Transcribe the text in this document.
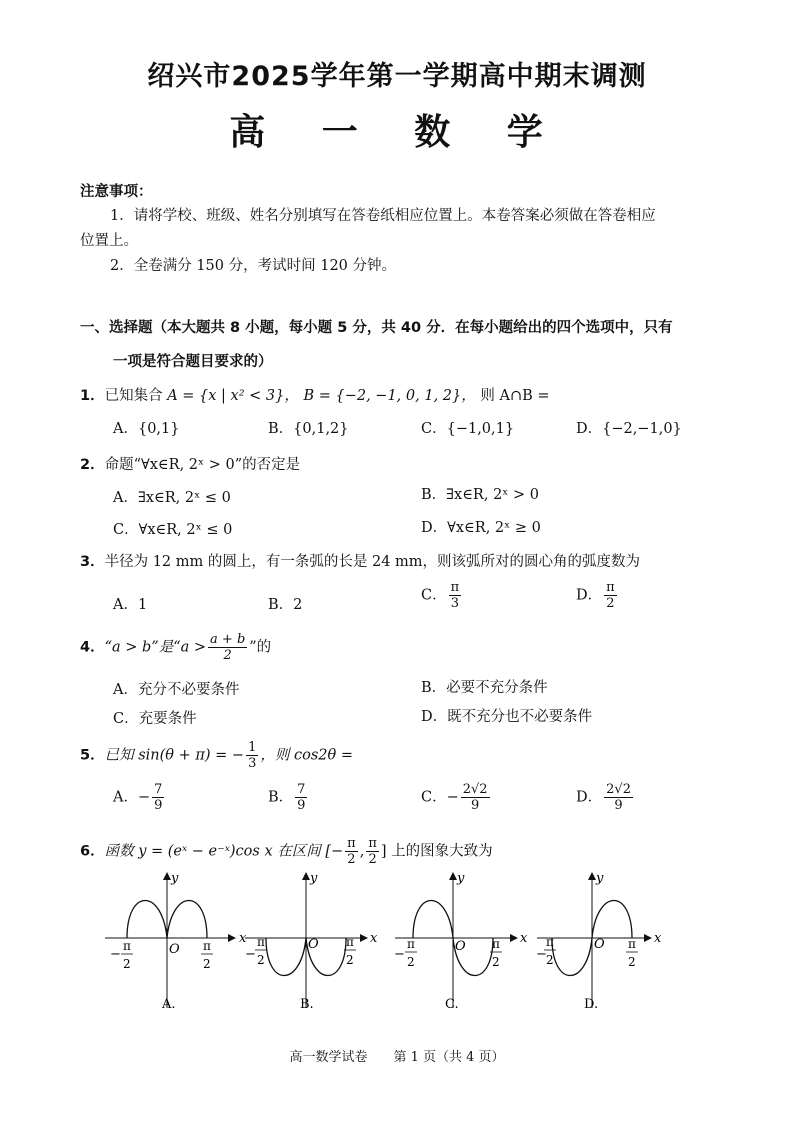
绍兴市2025学年第一学期高中期末调测
高 一 数 学
注意事项：
1．请将学校、班级、姓名分别填写在答卷纸相应位置上。本卷答案必须做在答卷相应
位置上。
2．全卷满分 150 分，考试时间 120 分钟。
一、选择题（本大题共 8 小题，每小题 5 分，共 40 分．在每小题给出的四个选项中，只有
一项是符合题目要求的）
1．已知集合 A = {x | x² < 3}， B = {−2, −1, 0, 1, 2}， 则 A∩B =
A．{0,1}	B．{0,1,2}	C．{−1,0,1}	D．{−2,−1,0}
2．命题“∀x∈R, 2ˣ > 0”的否定是
A．∃x∈R, 2ˣ ≤ 0	B．∃x∈R, 2ˣ > 0
C．∀x∈R, 2ˣ ≤ 0	D．∀x∈R, 2ˣ ≥ 0
3．半径为 12 mm 的圆上，有一条弧的长是 24 mm，则该弧所对的圆心角的弧度数为
A．1	B．2
C． $\frac{\pi}{3}$	D． $\frac{\pi}{2}$
4．“a > b”是“$a > \frac{a + b}{2}$ ”的
A．充分不必要条件	B．必要不充分条件
C．充要条件	D．既不充分也不必要条件
5．已知 sin(θ + π) = − $\frac{1}{3}$ ，则 cos2θ =
A．− $\frac{7}{9}$	B． $\frac{7}{9}$	C．− $\frac{2√2}{9}$	D． $\frac{2√2}{9}$
6．函数 y = (eˣ − e⁻ˣ)cos x 在区间 [− $\frac{\pi}{2}$ , $\frac{\pi}{2}$ ] 上的图象大致为
x
y
O
−
π
2
π
2
A.
x
y
O
−
π
2
π
2
B.
x
y
O
−
π
2
π
2
C.
x
y
O
−
π
2
π
2
D.
高一数学试卷　　第 1 页（共 4 页）
